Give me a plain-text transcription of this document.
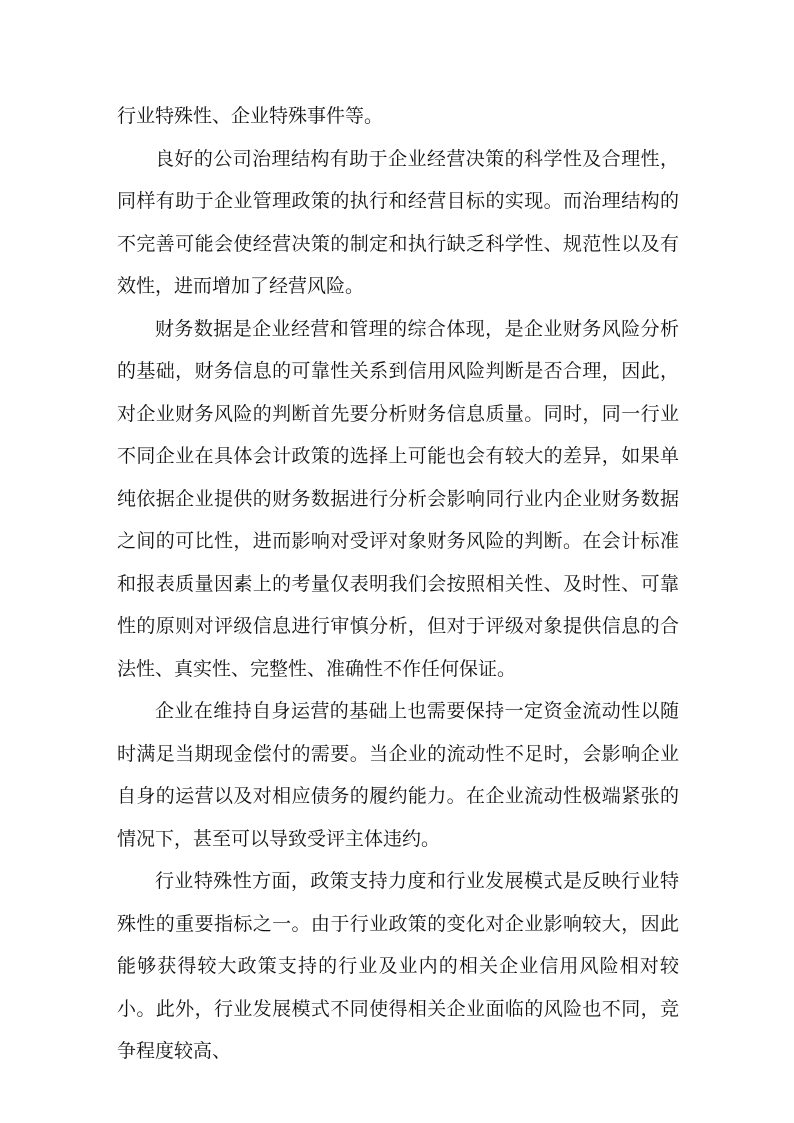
行业特殊性、企业特殊事件等。

良好的公司治理结构有助于企业经营决策的科学性及合理性，同样有助于企业管理政策的执行和经营目标的实现。而治理结构的不完善可能会使经营决策的制定和执行缺乏科学性、规范性以及有效性，进而增加了经营风险。

财务数据是企业经营和管理的综合体现，是企业财务风险分析的基础，财务信息的可靠性关系到信用风险判断是否合理，因此，对企业财务风险的判断首先要分析财务信息质量。同时，同一行业不同企业在具体会计政策的选择上可能也会有较大的差异，如果单纯依据企业提供的财务数据进行分析会影响同行业内企业财务数据之间的可比性，进而影响对受评对象财务风险的判断。在会计标准和报表质量因素上的考量仅表明我们会按照相关性、及时性、可靠性的原则对评级信息进行审慎分析，但对于评级对象提供信息的合法性、真实性、完整性、准确性不作任何保证。

企业在维持自身运营的基础上也需要保持一定资金流动性以随时满足当期现金偿付的需要。当企业的流动性不足时，会影响企业自身的运营以及对相应债务的履约能力。在企业流动性极端紧张的情况下，甚至可以导致受评主体违约。

行业特殊性方面，政策支持力度和行业发展模式是反映行业特殊性的重要指标之一。由于行业政策的变化对企业影响较大，因此能够获得较大政策支持的行业及业内的相关企业信用风险相对较小。此外，行业发展模式不同使得相关企业面临的风险也不同，竞争程度较高、
